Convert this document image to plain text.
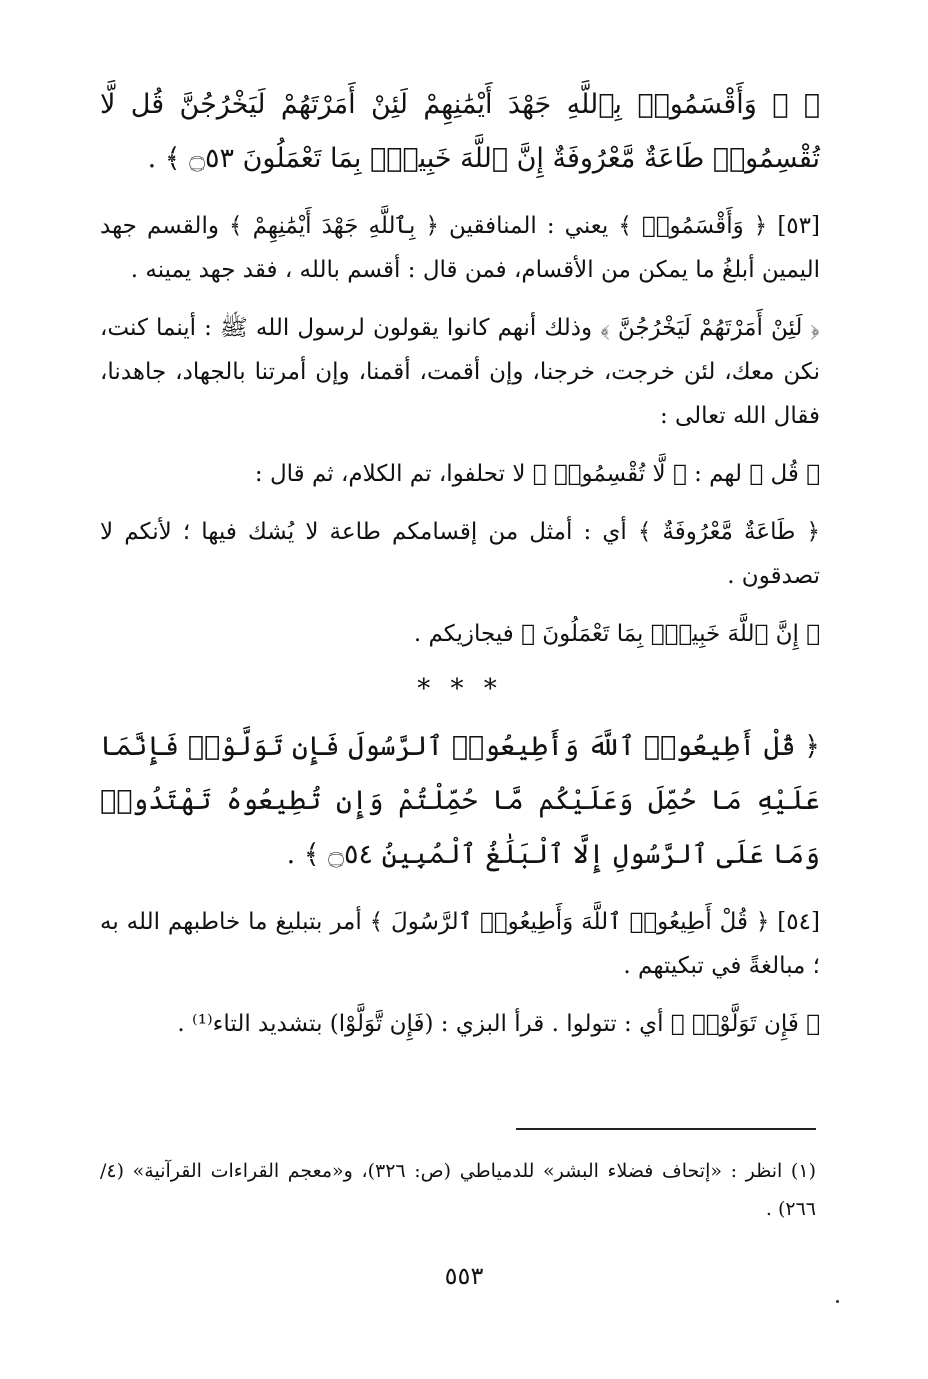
﴿ ۞ وَأَقْسَمُوا۟ بِٱللَّهِ جَهْدَ أَيْمَٰنِهِمْ لَئِنْ أَمَرْتَهُمْ لَيَخْرُجُنَّ قُل لَّا تُقْسِمُوا۟ طَاعَةٌ مَّعْرُوفَةٌ إِنَّ ٱللَّهَ خَبِيرٌۢ بِمَا تَعْمَلُونَ ۝٥٣ ﴾ .

[٥٣] ﴿ وَأَقْسَمُوا۟ ﴾ يعني : المنافقين ﴿ بِٱللَّهِ جَهْدَ أَيْمَٰنِهِمْ ﴾ والقسم جهد اليمين أبلغُ ما يمكن من الأقسام، فمن قال : أقسم بالله ، فقد جهد يمينه .

﴿ لَئِنْ أَمَرْتَهُمْ لَيَخْرُجُنَّ ﴾ وذلك أنهم كانوا يقولون لرسول الله ﷺ : أينما كنت، نكن معك، لئن خرجت، خرجنا، وإن أقمت، أقمنا، وإن أمرتنا بالجهاد، جاهدنا، فقال الله تعالى :

﴿ قُل ﴾ لهم : ﴿ لَّا تُقْسِمُوا۟ ﴾ لا تحلفوا، تم الكلام، ثم قال :

﴿ طَاعَةٌ مَّعْرُوفَةٌ ﴾ أي : أمثل من إقسامكم طاعة لا يُشك فيها ؛ لأنكم لا تصدقون .

﴿ إِنَّ ٱللَّهَ خَبِيرٌۢ بِمَا تَعْمَلُونَ ﴾ فيجازيكم .

* * *

﴿ قُلْ أَطِيعُوا۟ ٱللَّهَ وَأَطِيعُوا۟ ٱلرَّسُولَ فَإِن تَوَلَّوْا۟ فَإِنَّمَا عَلَيْهِ مَا حُمِّلَ وَعَلَيْكُم مَّا حُمِّلْتُمْ وَإِن تُطِيعُوهُ تَهْتَدُوا۟ وَمَا عَلَى ٱلرَّسُولِ إِلَّا ٱلْبَلَٰغُ ٱلْمُبِينُ ۝٥٤ ﴾ .

[٥٤] ﴿ قُلْ أَطِيعُوا۟ ٱللَّهَ وَأَطِيعُوا۟ ٱلرَّسُولَ ﴾ أمر بتبليغ ما خاطبهم الله به ؛ مبالغةً في تبكيتهم .

﴿ فَإِن تَوَلَّوْا۟ ﴾ أي : تتولوا . قرأ البزي : (فَإِن تَّوَلَّوْا) بتشديد التاء⁽¹⁾ .

(١) انظر : «إتحاف فضلاء البشر» للدمياطي (ص: ٣٢٦)، و«معجم القراءات القرآنية» (٤/ ٢٦٦) .
٥٥٣
